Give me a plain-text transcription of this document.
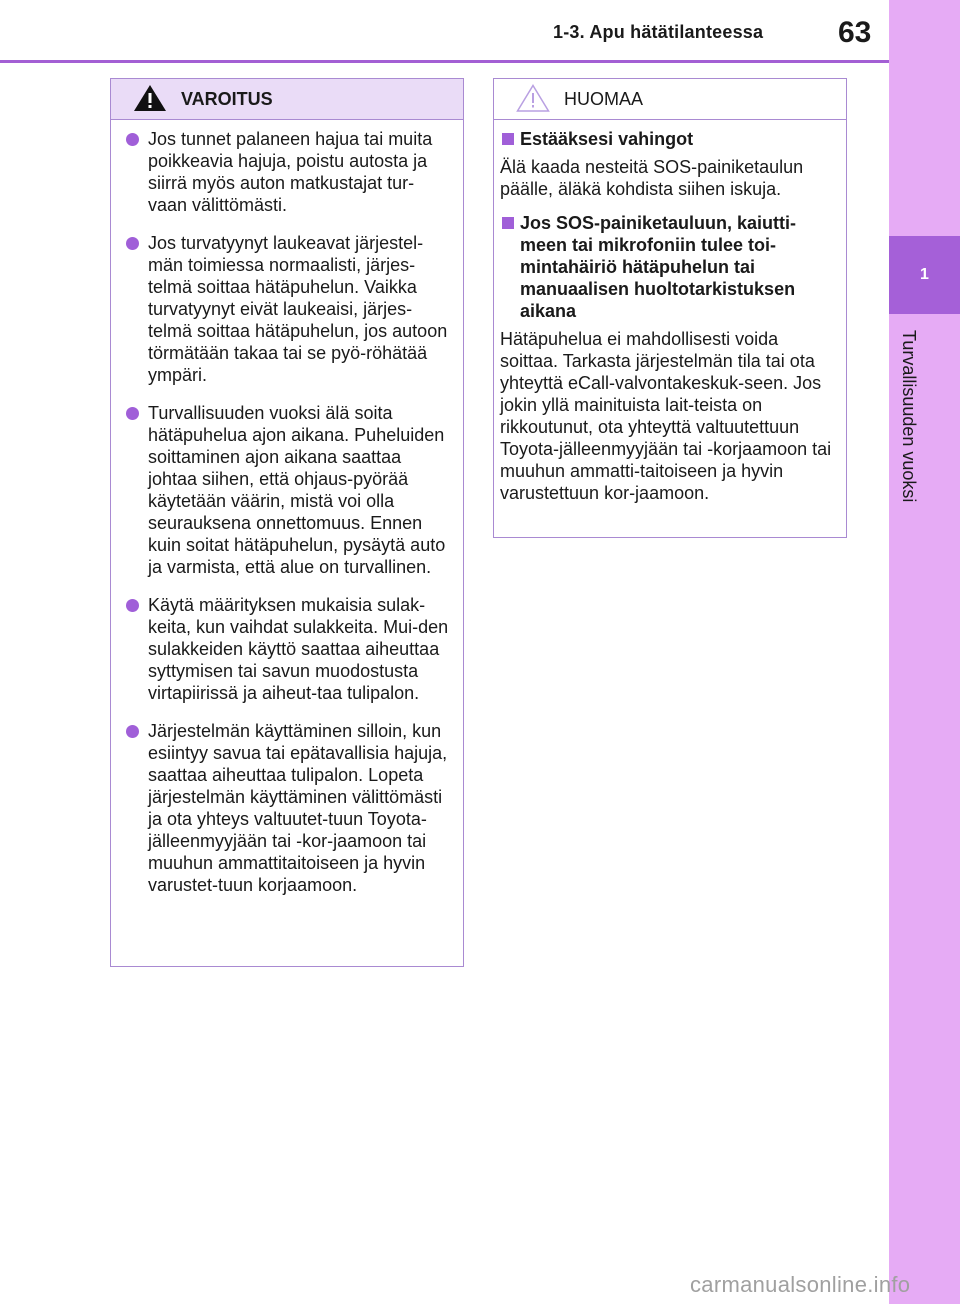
1-3. Apu hätätilanteessa 63
1
Turvallisuuden vuoksi
VAROITUS
Jos tunnet palaneen hajua tai muita poikkeavia hajuja, poistu autosta ja siirrä myös auton matkustajat tur-vaan välittömästi.
Jos turvatyynyt laukeavat järjestel-män toimiessa normaalisti, järjes-telmä soittaa hätäpuhelun. Vaikka turvatyynyt eivät laukeaisi, järjes-telmä soittaa hätäpuhelun, jos autoon törmätään takaa tai se pyö-röhätää ympäri.
Turvallisuuden vuoksi älä soita hätäpuhelua ajon aikana. Puheluiden soittaminen ajon aikana saattaa johtaa siihen, että ohjaus-pyörää käytetään väärin, mistä voi olla seurauksena onnettomuus. Ennen kuin soitat hätäpuhelun, pysäytä auto ja varmista, että alue on turvallinen.
Käytä määrityksen mukaisia sulak-keita, kun vaihdat sulakkeita. Mui-den sulakkeiden käyttö saattaa aiheuttaa syttymisen tai savun muodostusta virtapiirissä ja aiheut-taa tulipalon.
Järjestelmän käyttäminen silloin, kun esiintyy savua tai epätavallisia hajuja, saattaa aiheuttaa tulipalon. Lopeta järjestelmän käyttäminen välittömästi ja ota yhteys valtuutet-tuun Toyota-jälleenmyyjään tai -kor-jaamoon tai muuhun ammattitaitoiseen ja hyvin varustet-tuun korjaamoon.
HUOMAA
Estääksesi vahingot
Älä kaada nesteitä SOS-painiketaulun päälle, äläkä kohdista siihen iskuja.
Jos SOS-painiketauluun, kaiutti-meen tai mikrofoniin tulee toi-mintahäiriö hätäpuhelun tai manuaalisen huoltotarkistuksen aikana
Hätäpuhelua ei mahdollisesti voida soittaa. Tarkasta järjestelmän tila tai ota yhteyttä eCall-valvontakeskuk-seen. Jos jokin yllä mainituista lait-teista on rikkoutunut, ota yhteyttä valtuutettuun Toyota-jälleenmyyjään tai -korjaamoon tai muuhun ammatti-taitoiseen ja hyvin varustettuun kor-jaamoon.
carmanualsonline.info
